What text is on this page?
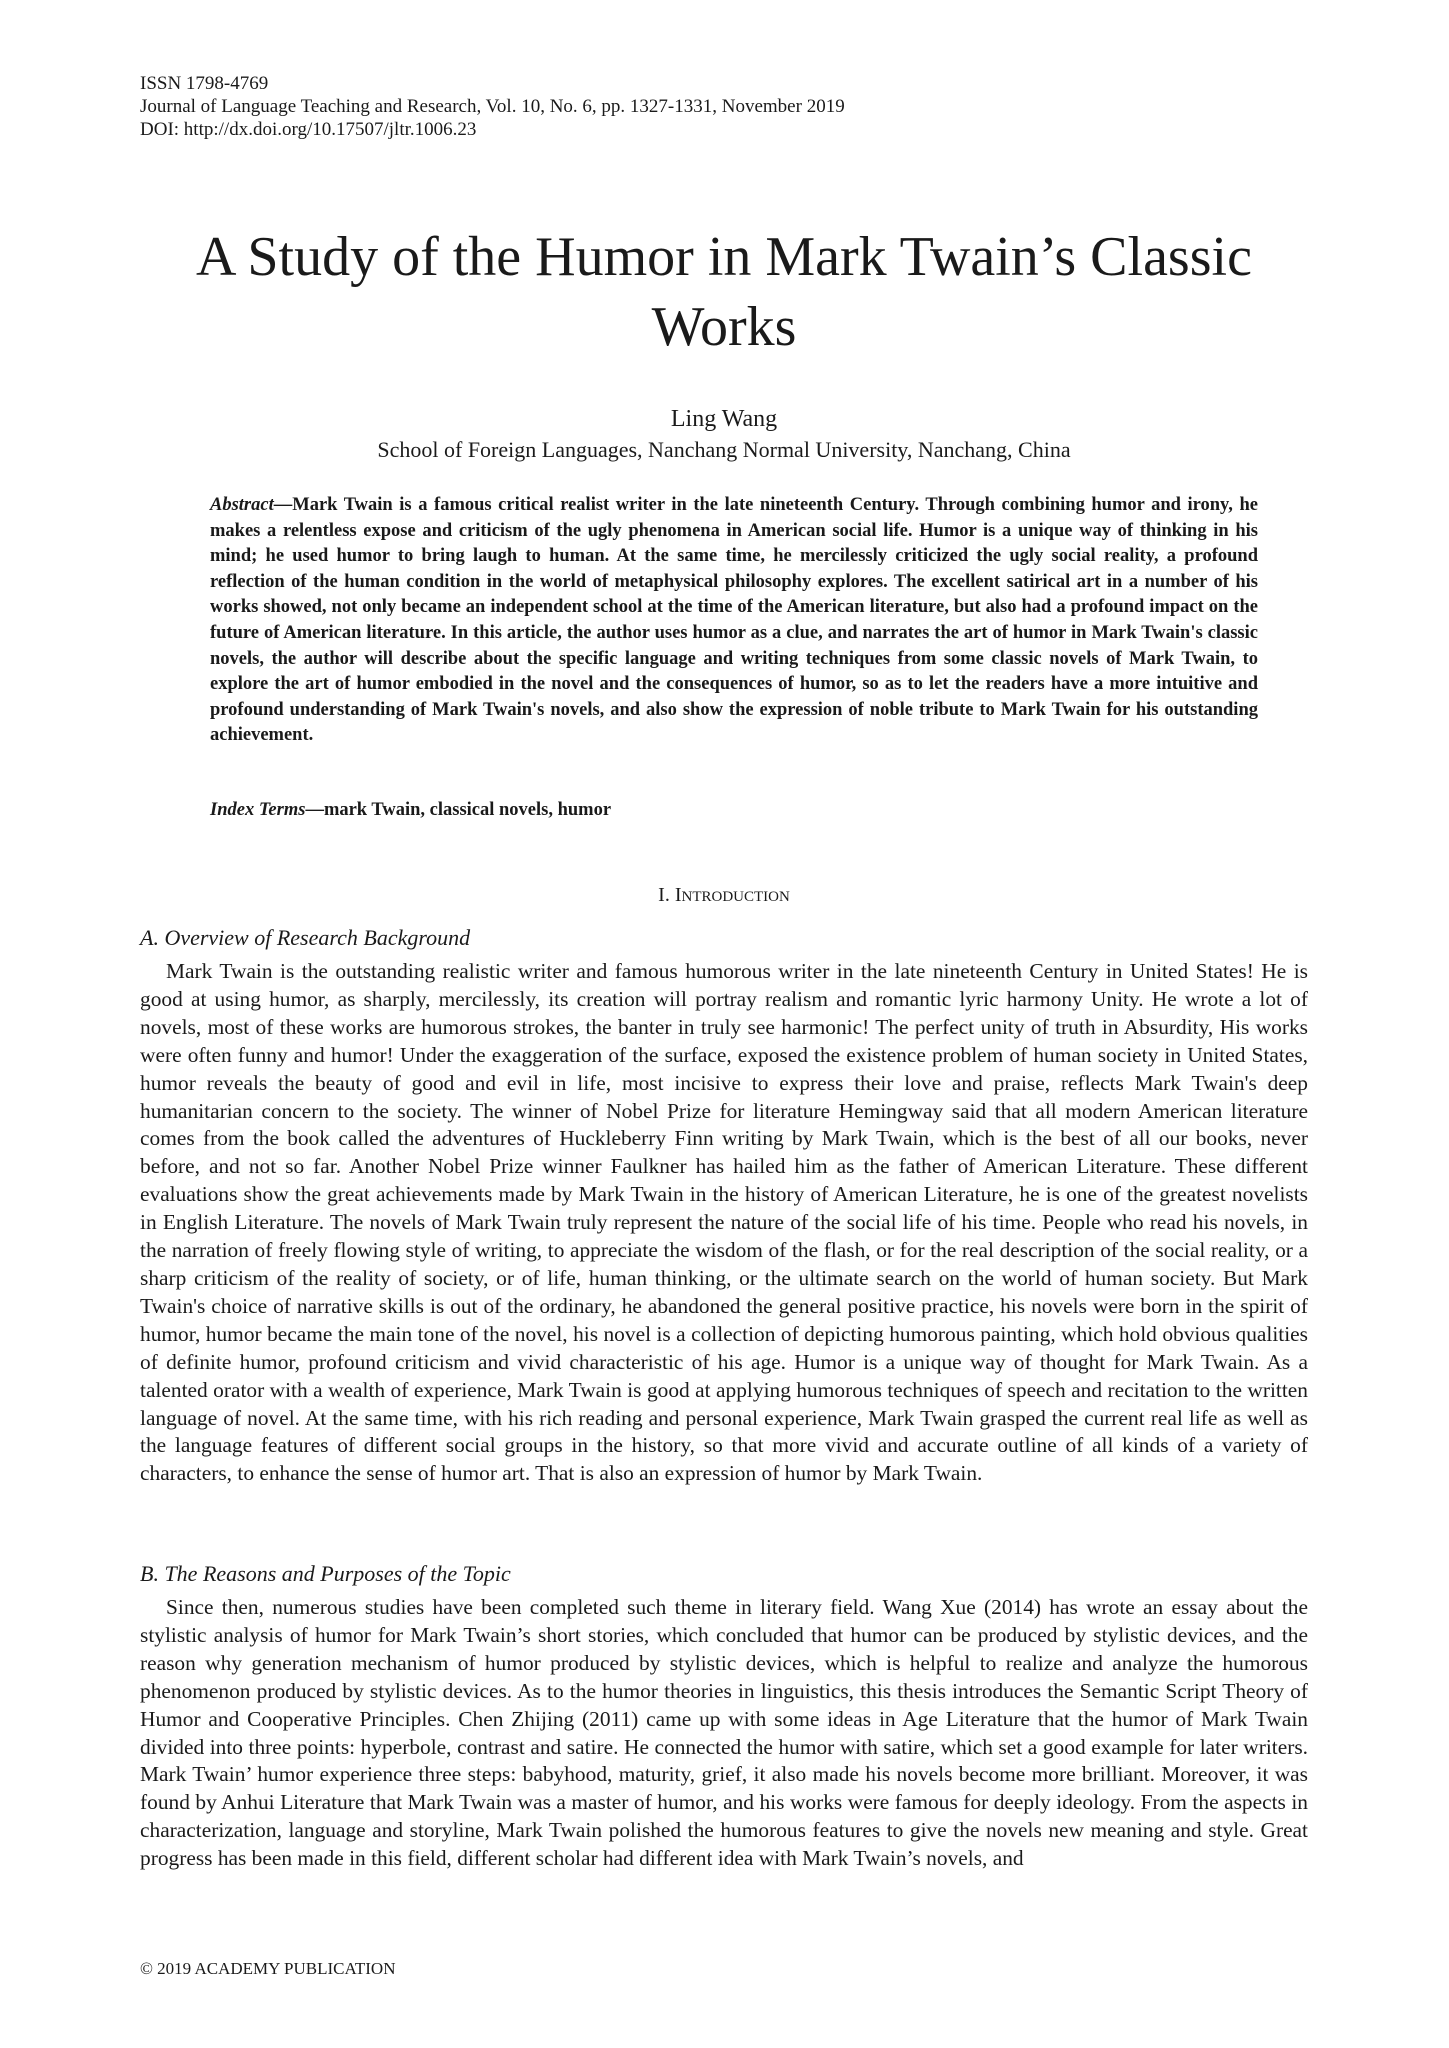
ISSN 1798-4769
Journal of Language Teaching and Research, Vol. 10, No. 6, pp. 1327-1331, November 2019
DOI: http://dx.doi.org/10.17507/jltr.1006.23
A Study of the Humor in Mark Twain’s Classic Works
Ling Wang
School of Foreign Languages, Nanchang Normal University, Nanchang, China

Abstract—Mark Twain is a famous critical realist writer in the late nineteenth Century. Through combining humor and irony, he makes a relentless expose and criticism of the ugly phenomena in American social life. Humor is a unique way of thinking in his mind; he used humor to bring laugh to human. At the same time, he mercilessly criticized the ugly social reality, a profound reflection of the human condition in the world of metaphysical philosophy explores. The excellent satirical art in a number of his works showed, not only became an independent school at the time of the American literature, but also had a profound impact on the future of American literature. In this article, the author uses humor as a clue, and narrates the art of humor in Mark Twain's classic novels, the author will describe about the specific language and writing techniques from some classic novels of Mark Twain, to explore the art of humor embodied in the novel and the consequences of humor, so as to let the readers have a more intuitive and profound understanding of Mark Twain's novels, and also show the expression of noble tribute to Mark Twain for his outstanding achievement.

Index Terms—mark Twain, classical novels, humor
I. INTRODUCTION
A. Overview of Research Background

Mark Twain is the outstanding realistic writer and famous humorous writer in the late nineteenth Century in United States! He is good at using humor, as sharply, mercilessly, its creation will portray realism and romantic lyric harmony Unity. He wrote a lot of novels, most of these works are humorous strokes, the banter in truly see harmonic! The perfect unity of truth in Absurdity, His works were often funny and humor! Under the exaggeration of the surface, exposed the existence problem of human society in United States, humor reveals the beauty of good and evil in life, most incisive to express their love and praise, reflects Mark Twain's deep humanitarian concern to the society. The winner of Nobel Prize for literature Hemingway said that all modern American literature comes from the book called the adventures of Huckleberry Finn writing by Mark Twain, which is the best of all our books, never before, and not so far. Another Nobel Prize winner Faulkner has hailed him as the father of American Literature. These different evaluations show the great achievements made by Mark Twain in the history of American Literature, he is one of the greatest novelists in English Literature. The novels of Mark Twain truly represent the nature of the social life of his time. People who read his novels, in the narration of freely flowing style of writing, to appreciate the wisdom of the flash, or for the real description of the social reality, or a sharp criticism of the reality of society, or of life, human thinking, or the ultimate search on the world of human society. But Mark Twain's choice of narrative skills is out of the ordinary, he abandoned the general positive practice, his novels were born in the spirit of humor, humor became the main tone of the novel, his novel is a collection of depicting humorous painting, which hold obvious qualities of definite humor, profound criticism and vivid characteristic of his age. Humor is a unique way of thought for Mark Twain. As a talented orator with a wealth of experience, Mark Twain is good at applying humorous techniques of speech and recitation to the written language of novel. At the same time, with his rich reading and personal experience, Mark Twain grasped the current real life as well as the language features of different social groups in the history, so that more vivid and accurate outline of all kinds of a variety of characters, to enhance the sense of humor art. That is also an expression of humor by Mark Twain.

B. The Reasons and Purposes of the Topic

Since then, numerous studies have been completed such theme in literary field. Wang Xue (2014) has wrote an essay about the stylistic analysis of humor for Mark Twain’s short stories, which concluded that humor can be produced by stylistic devices, and the reason why generation mechanism of humor produced by stylistic devices, which is helpful to realize and analyze the humorous phenomenon produced by stylistic devices. As to the humor theories in linguistics, this thesis introduces the Semantic Script Theory of Humor and Cooperative Principles. Chen Zhijing (2011) came up with some ideas in Age Literature that the humor of Mark Twain divided into three points: hyperbole, contrast and satire. He connected the humor with satire, which set a good example for later writers. Mark Twain’ humor experience three steps: babyhood, maturity, grief, it also made his novels become more brilliant. Moreover, it was found by Anhui Literature that Mark Twain was a master of humor, and his works were famous for deeply ideology. From the aspects in characterization, language and storyline, Mark Twain polished the humorous features to give the novels new meaning and style. Great progress has been made in this field, different scholar had different idea with Mark Twain’s novels, and

© 2019 ACADEMY PUBLICATION
